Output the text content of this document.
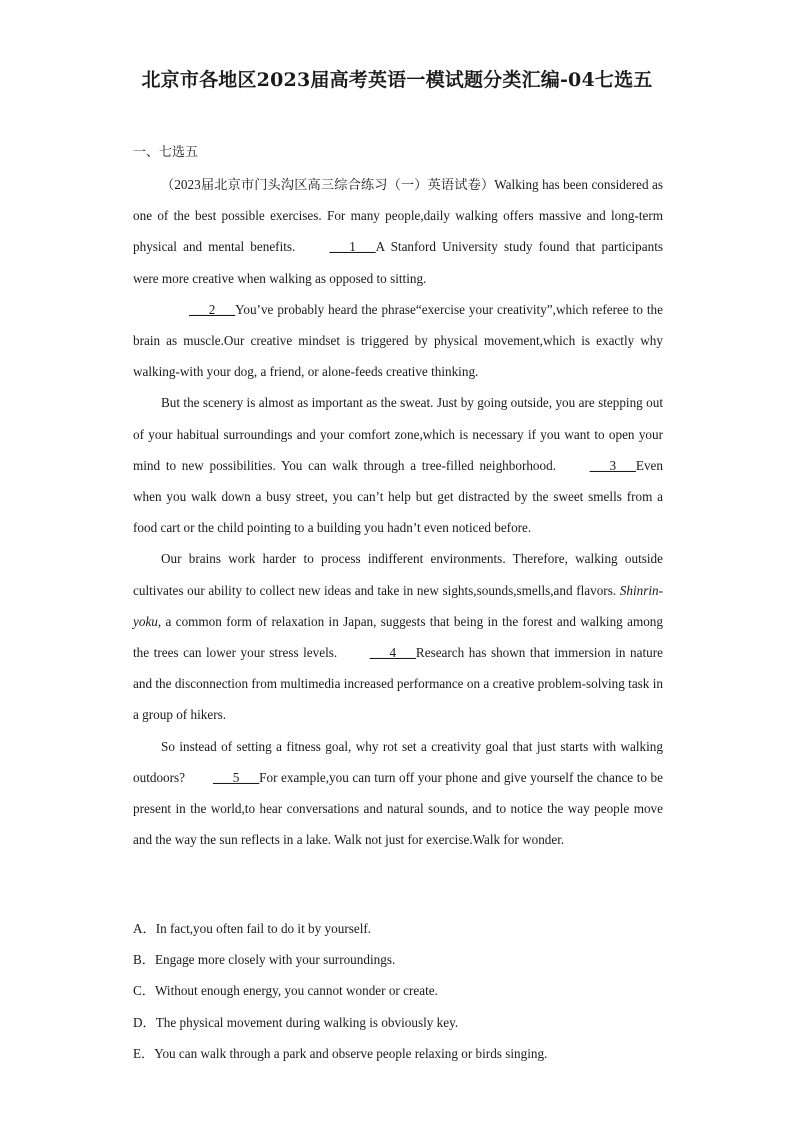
北京市各地区2023届高考英语一模试题分类汇编-04七选五
一、七选五

（2023届北京市门头沟区高三综合练习（一）英语试卷）Walking has been considered as one of the best possible exercises. For many people,daily walking offers massive and long-term physical and mental benefits. ___1___A Stanford University study found that participants were more creative when walking as opposed to sitting.

___2___You’ve probably heard the phrase“exercise your creativity”,which referee to the brain as muscle.Our creative mindset is triggered by physical movement,which is exactly why walking-with your dog, a friend, or alone-feeds creative thinking.

But the scenery is almost as important as the sweat. Just by going outside, you are stepping out of your habitual surroundings and your comfort zone,which is necessary if you want to open your mind to new possibilities. You can walk through a tree-filled neighborhood. ___3___Even when you walk down a busy street, you can’t help but get distracted by the sweet smells from a food cart or the child pointing to a building you hadn’t even noticed before.

Our brains work harder to process indifferent environments. Therefore, walking outside cultivates our ability to collect new ideas and take in new sights,sounds,smells,and flavors. Shinrin-yoku, a common form of relaxation in Japan, suggests that being in the forest and walking among the trees can lower your stress levels. ___4___Research has shown that immersion in nature and the disconnection from multimedia increased performance on a creative problem-solving task in a group of hikers.

So instead of setting a fitness goal, why rot set a creativity goal that just starts with walking outdoors? ___5___For example,you can turn off your phone and give yourself the chance to be present in the world,to hear conversations and natural sounds, and to notice the way people move and the way the sun reflects in a lake. Walk not just for exercise.Walk for wonder.

A．In fact,you often fail to do it by yourself.
B．Engage more closely with your surroundings.
C．Without enough energy, you cannot wonder or create.
D．The physical movement during walking is obviously key.
E．You can walk through a park and observe people relaxing or birds singing.
